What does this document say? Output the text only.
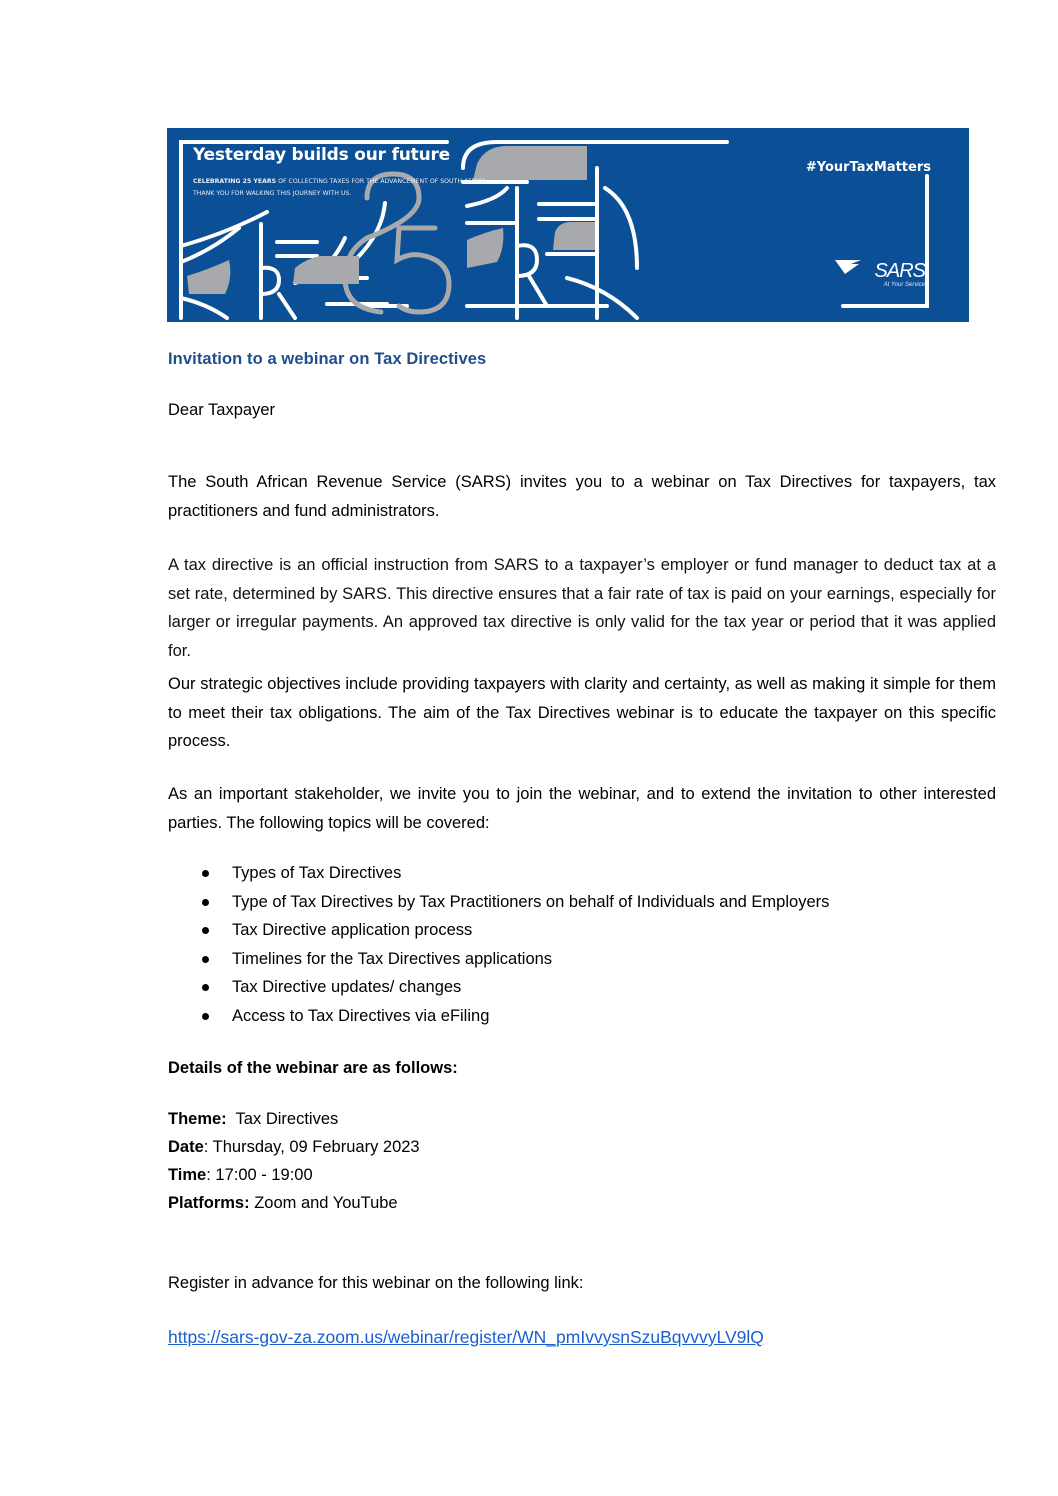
Yesterday builds our future
CELEBRATING 25 YEARS OF COLLECTING TAXES FOR THE ADVANCEMENT OF SOUTH AFRICA.
THANK YOU FOR WALKING THIS JOURNEY WITH US.
#YourTaxMatters
SARS
At Your Service
Invitation to a webinar on Tax Directives
Dear Taxpayer
The South African Revenue Service (SARS) invites you to a webinar on Tax Directives for taxpayers, tax practitioners and fund administrators.
A tax directive is an official instruction from SARS to a taxpayer’s employer or fund manager to deduct tax at a set rate, determined by SARS. This directive ensures that a fair rate of tax is paid on your earnings, especially for larger or irregular payments. An approved tax directive is only valid for the tax year or period that it was applied for.
Our strategic objectives include providing taxpayers with clarity and certainty, as well as making it simple for them to meet their tax obligations. The aim of the Tax Directives webinar is to educate the taxpayer on this specific process.
As an important stakeholder, we invite you to join the webinar, and to extend the invitation to other interested parties. The following topics will be covered:
Types of Tax Directives
Type of Tax Directives by Tax Practitioners on behalf of Individuals and Employers
Tax Directive application process
Timelines for the Tax Directives applications
Tax Directive updates/ changes
Access to Tax Directives via eFiling
Details of the webinar are as follows:
Theme:  Tax Directives
Date: Thursday, 09 February 2023
Time: 17:00 - 19:00
Platforms: Zoom and YouTube
Register in advance for this webinar on the following link:
https://sars-gov-za.zoom.us/webinar/register/WN_pmIvvysnSzuBqvvvyLV9lQ
